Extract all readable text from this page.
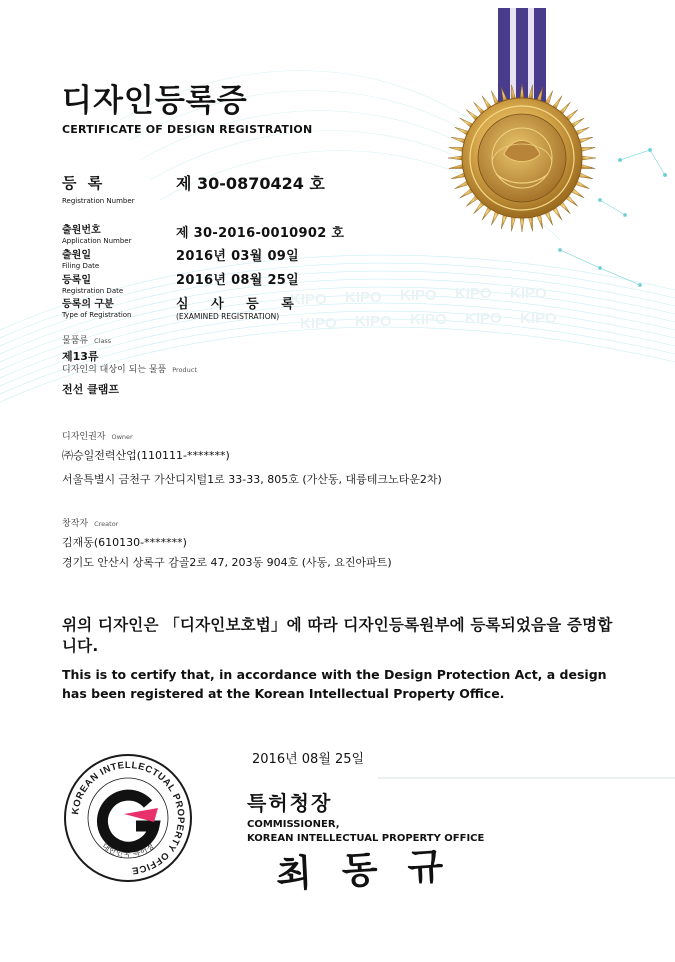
KIPO KIPO KIPO KIPO KIPO
KIPO KIPO KIPO KIPO KIPO
디자인등록증
CERTIFICATE OF DESIGN REGISTRATION
등 록
Registration Number
제 30-0870424 호
출원번호
Application Number	제 30-2016-0010902 호
출원일
Filing Date
2016년 03월 09일
등록일
Registration Date
2016년 08월 25일
등록의 구분
Type of Registration
심 사 등 록
(EXAMINED REGISTRATION)
물품류 Class
제13류
디자인의 대상이 되는 물품 Product
전선 클램프
디자인권자 Owner
㈜승일전력산업(110111-*******)
서울특별시 금천구 가산디지털1로 33-33, 805호 (가산동, 대륭테크노타운2차)
창작자 Creator
김재동(610130-*******)
경기도 안산시 상록구 감골2로 47, 203동 904호 (사동, 요진아파트)
위의 디자인은 「디자인보호법」에 따라 디자인등록원부에 등록되었음을 증명합니다.
This is to certify that, in accordance with the Design Protection Act, a design has been registered at the Korean Intellectual Property Office.
KOREAN INTELLECTUAL PROPERTY OFFICE
대한민국 특허청
2016년 08월 25일
특허청장
COMMISSIONER,
KOREAN INTELLECTUAL PROPERTY OFFICE
최동규
